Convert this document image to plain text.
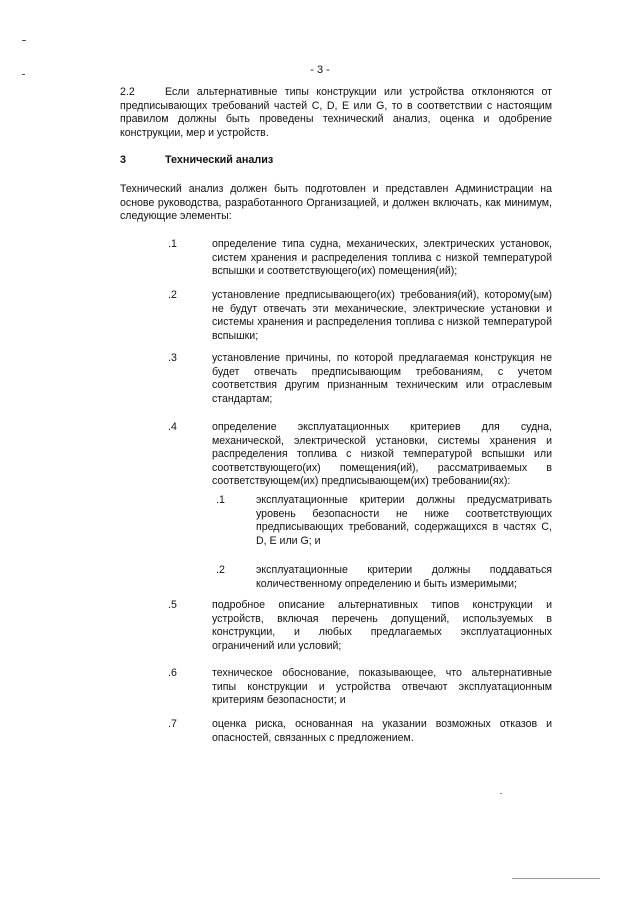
- 3 -

2.2	Если альтернативные типы конструкции или устройства отклоняются от предписывающих требований частей С, D, Е или G, то в соответствии с настоящим правилом должны быть проведены технический анализ, оценка и одобрение конструкции, мер и устройств.

3	Технический анализ

Технический анализ должен быть подготовлен и представлен Администрации на основе руководства, разработанного Организацией, и должен включать, как минимум, следующие элементы:

.1	определение типа судна, механических, электрических установок, систем хранения и распределения топлива с низкой температурой вспышки и соответствующего(их) помещения(ий);
.2	установление предписывающего(их) требования(ий), которому(ым) не будут отвечать эти механические, электрические установки и системы хранения и распределения топлива с низкой температурой вспышки;
.3	установление причины, по которой предлагаемая конструкция не будет отвечать предписывающим требованиям, с учетом соответствия другим признанным техническим или отраслевым стандартам;
.4	определение эксплуатационных критериев для судна, механической, электрической установки, системы хранения и распределения топлива с низкой температурой вспышки или соответствующего(их) помещения(ий), рассматриваемых в соответствующем(их) предписывающем(их) требовании(ях):
.1	эксплуатационные критерии должны предусматривать уровень безопасности не ниже соответствующих предписывающих требований, содержащихся в частях С, D, Е или G; и
.2	эксплуатационные критерии должны поддаваться количественному определению и быть измеримыми;
.5	подробное описание альтернативных типов конструкции и устройств, включая перечень допущений, используемых в конструкции, и любых предлагаемых эксплуатационных ограничений или условий;
.6	техническое обоснование, показывающее, что альтернативные типы конструкции и устройства отвечают эксплуатационным критериям безопасности; и
.7	оценка риска, основанная на указании возможных отказов и опасностей, связанных с предложением.
